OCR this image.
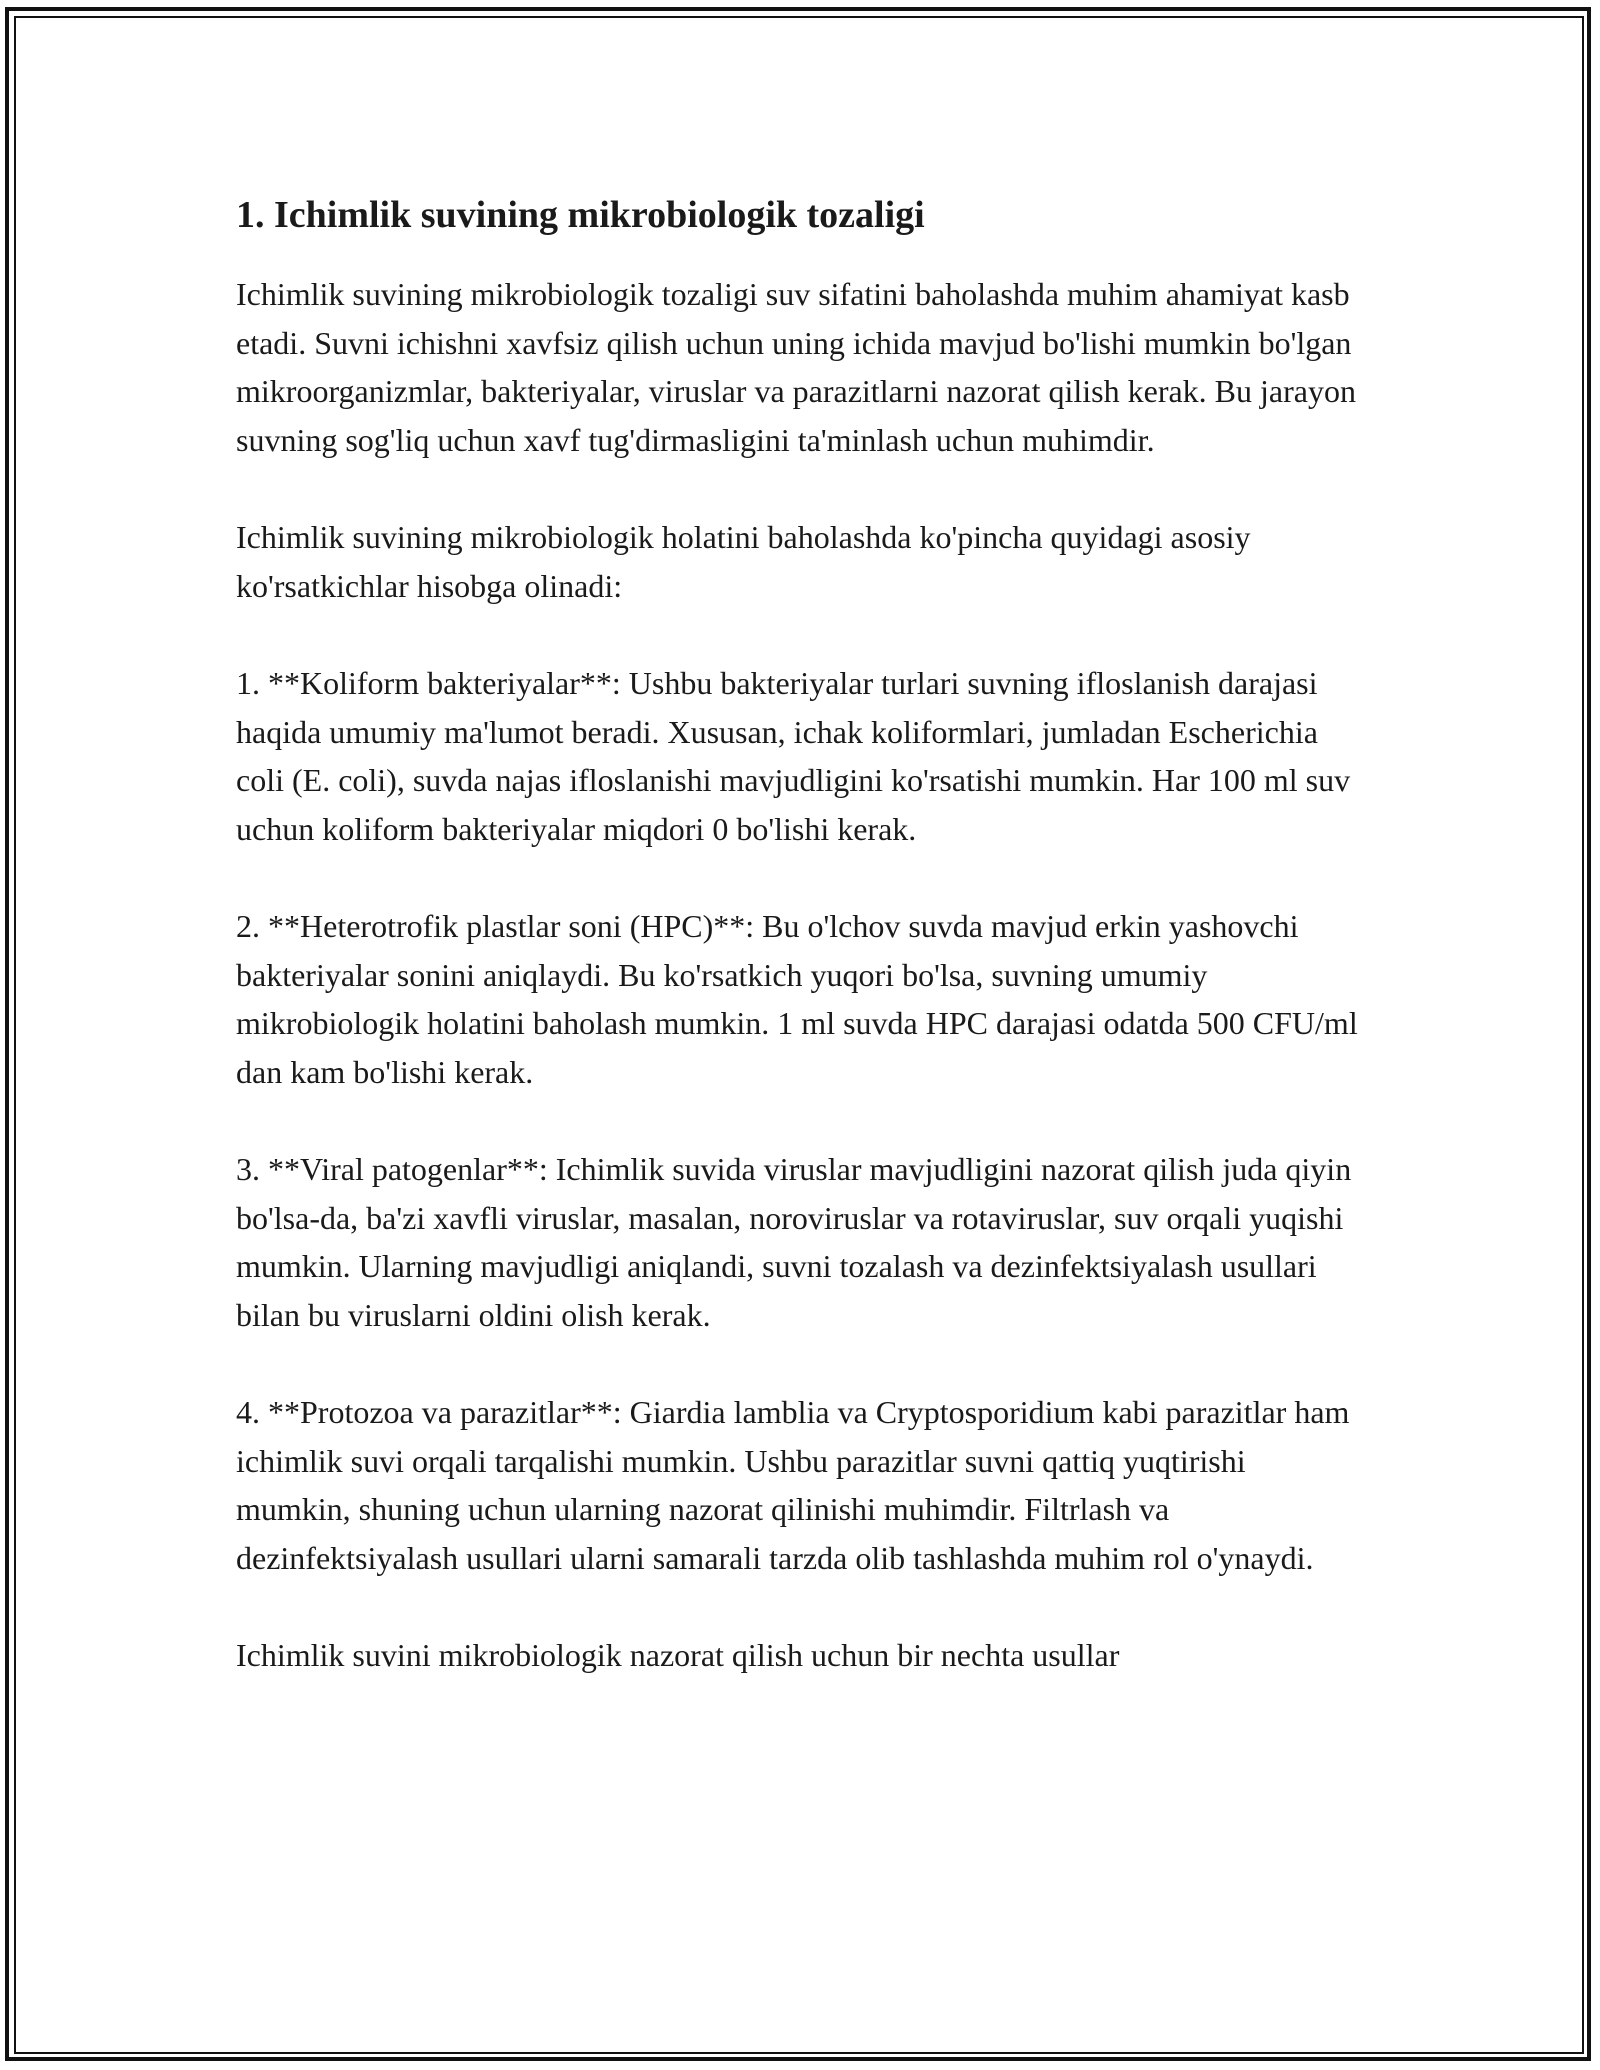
1. Ichimlik suvining mikrobiologik tozaligi

Ichimlik suvining mikrobiologik tozaligi suv sifatini baholashda muhim ahamiyat kasb etadi. Suvni ichishni xavfsiz qilish uchun uning ichida mavjud bo'lishi mumkin bo'lgan mikroorganizmlar, bakteriyalar, viruslar va parazitlarni nazorat qilish kerak. Bu jarayon suvning sog'liq uchun xavf tug'dirmasligini ta'minlash uchun muhimdir.

Ichimlik suvining mikrobiologik holatini baholashda ko'pincha quyidagi asosiy ko'rsatkichlar hisobga olinadi:

1. **Koliform bakteriyalar**: Ushbu bakteriyalar turlari suvning ifloslanish darajasi haqida umumiy ma'lumot beradi. Xususan, ichak koliformlari, jumladan Escherichia coli (E. coli), suvda najas ifloslanishi mavjudligini ko'rsatishi mumkin. Har 100 ml suv uchun koliform bakteriyalar miqdori 0 bo'lishi kerak.

2. **Heterotrofik plastlar soni (HPC)**: Bu o'lchov suvda mavjud erkin yashovchi bakteriyalar sonini aniqlaydi. Bu ko'rsatkich yuqori bo'lsa, suvning umumiy mikrobiologik holatini baholash mumkin. 1 ml suvda HPC darajasi odatda 500 CFU/ml dan kam bo'lishi kerak.

3. **Viral patogenlar**: Ichimlik suvida viruslar mavjudligini nazorat qilish juda qiyin bo'lsa-da, ba'zi xavfli viruslar, masalan, noroviruslar va rotaviruslar, suv orqali yuqishi mumkin. Ularning mavjudligi aniqlandi, suvni tozalash va dezinfektsiyalash usullari bilan bu viruslarni oldini olish kerak.

4. **Protozoa va parazitlar**: Giardia lamblia va Cryptosporidium kabi parazitlar ham ichimlik suvi orqali tarqalishi mumkin. Ushbu parazitlar suvni qattiq yuqtirishi mumkin, shuning uchun ularning nazorat qilinishi muhimdir. Filtrlash va dezinfektsiyalash usullari ularni samarali tarzda olib tashlashda muhim rol o'ynaydi.

Ichimlik suvini mikrobiologik nazorat qilish uchun bir nechta usullar
